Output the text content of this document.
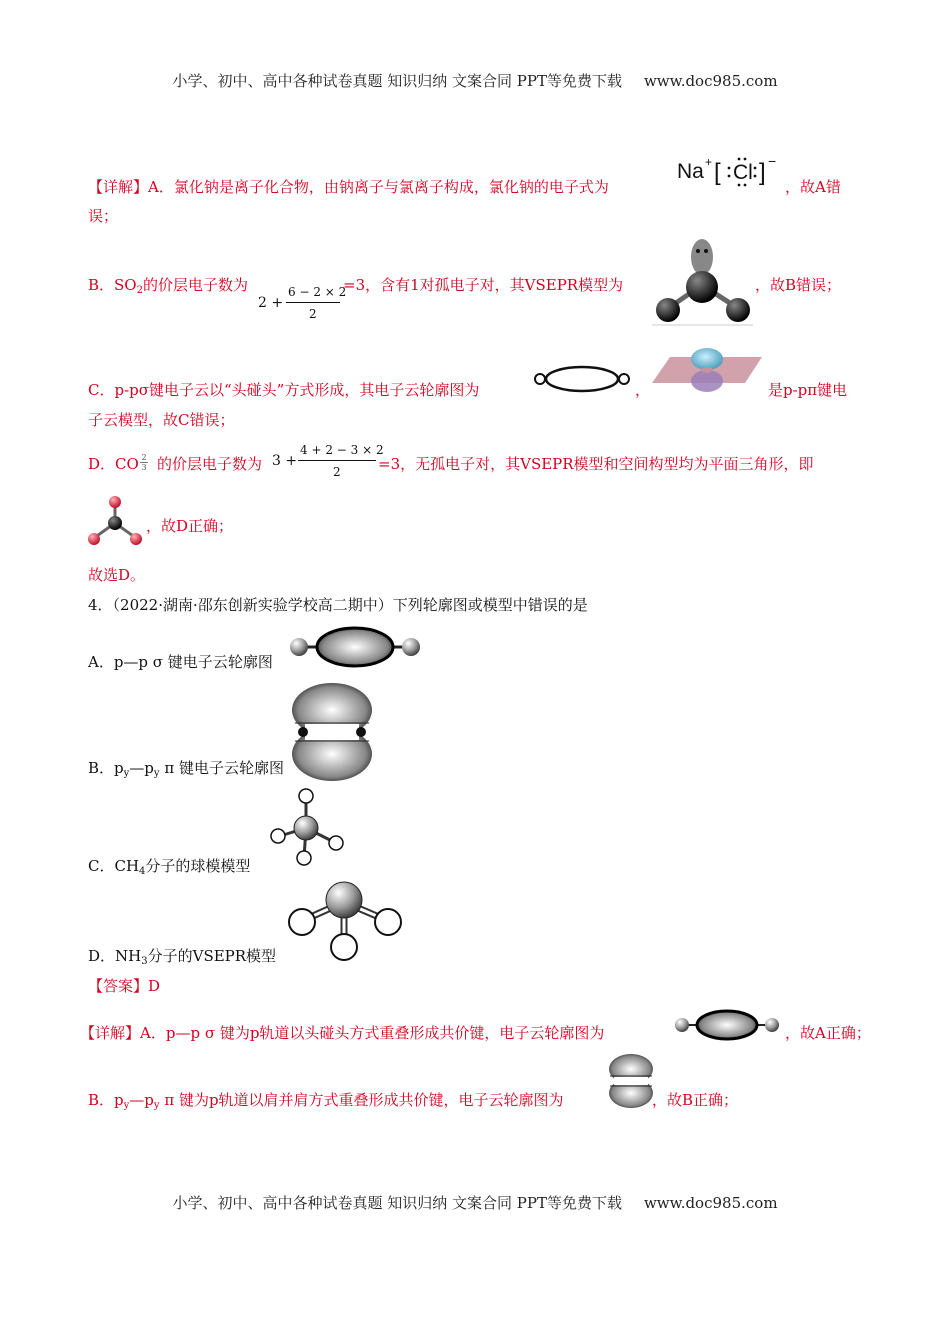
小学、初中、高中各种试卷真题 知识归纳 文案合同 PPT等免费下载 www.doc985.com
【详解】A．氯化钠是离子化合物，由钠离子与氯离子构成，氯化钠的电子式为
Na + [ Cl ] −
，故A错
误；
B．$SO_2$的价层电子数为
2 +
6 − 2 × 2
2
=3，含有1对孤电子对，其VSEPR模型为	，故B错误；
C．p-pσ键电子云以“头碰头”方式形成，其电子云轮廓图为	，	是p-pπ键电
子云模型，故C错误；
D．CO 2
3 的价层电子数为 3 +
4 + 2 − 3 × 2
2 =3，无孤电子对，其VSEPR模型和空间构型均为平面三角形，即
，故D正确；
故选D。
4．（2022·湖南·邵东创新实验学校高二期中）下列轮廓图或模型中错误的是
A．p—p σ 键电子云轮廓图
B．$p_y—p_y$ π 键电子云轮廓图
C．$CH_4$分子的球模模型
D．$NH_3$分子的VSEPR模型
【答案】D
【详解】A．p—p σ 键为p轨道以头碰头方式重叠形成共价键，电子云轮廓图为	，故A正确；
B．$p_y—p_y$ π 键为p轨道以肩并肩方式重叠形成共价键，电子云轮廓图为	，故B正确；
小学、初中、高中各种试卷真题 知识归纳 文案合同 PPT等免费下载 www.doc985.com
